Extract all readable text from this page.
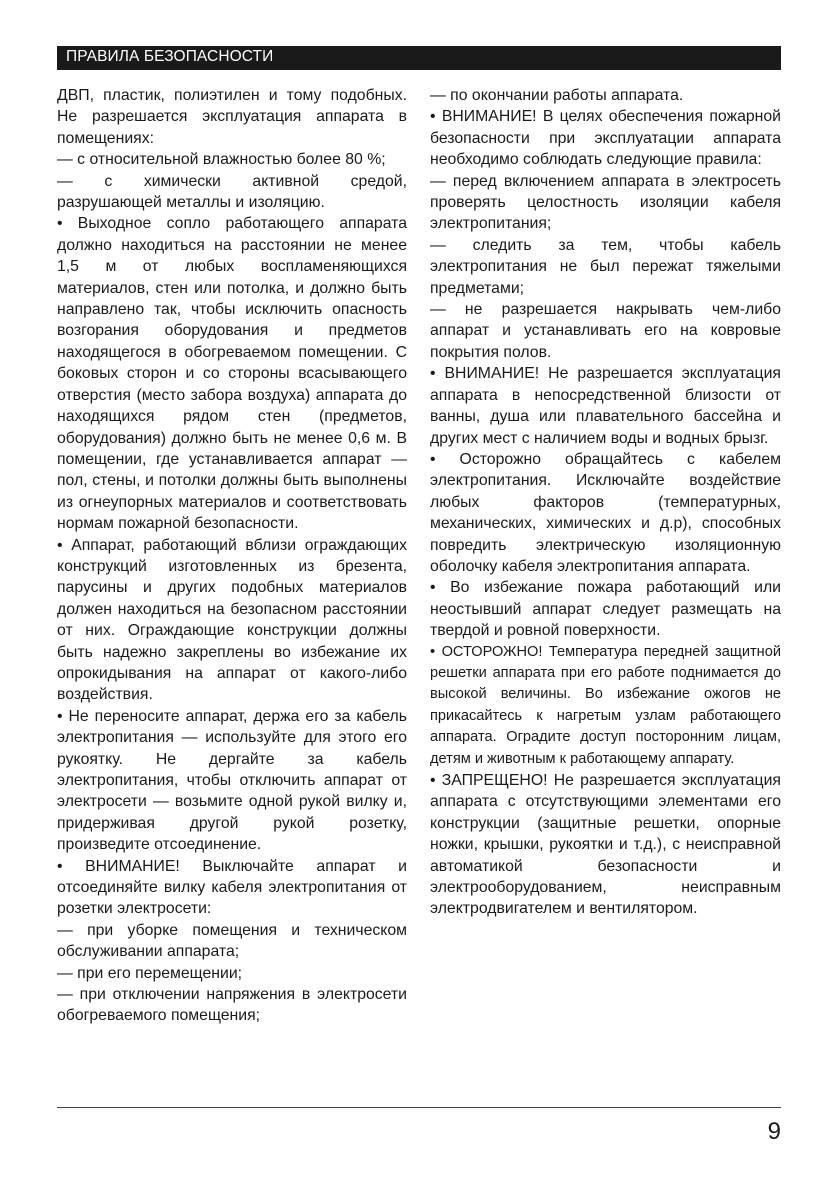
ПРАВИЛА БЕЗОПАСНОСТИ

ДВП, пластик, полиэтилен и тому подобных. Не разрешается эксплуатация аппарата в помещениях:

— с относительной влажностью более 80 %;

— с химически активной средой, разрушающей металлы и изоляцию.

• Выходное сопло работающего аппарата должно находиться на расстоянии не менее 1,5 м от любых воспламеняющихся материалов, стен или потолка, и должно быть направлено так, чтобы исключить опасность возгорания оборудования и предметов находящегося в обогреваемом помещении. С боковых сторон и со стороны всасывающего отверстия (место забора воздуха) аппарата до находящихся рядом стен (предметов, оборудования) должно быть не менее 0,6 м. В помещении, где устанавливается аппарат — пол, стены, и потолки должны быть выполнены из огнеупорных материалов и соответствовать нормам пожарной безопасности.

• Аппарат, работающий вблизи ограждающих конструкций изготовленных из брезента, парусины и других подобных материалов должен находиться на безопасном расстоянии от них. Ограждающие конструкции должны быть надежно закреплены во избежание их опрокидывания на аппарат от какого-либо воздействия.

• Не переносите аппарат, держа его за кабель электропитания — используйте для этого его рукоятку. Не дергайте за кабель электропитания, чтобы отключить аппарат от электросети — возьмите одной рукой вилку и, придерживая другой рукой розетку, произведите отсоединение.

• ВНИМАНИЕ! Выключайте аппарат и отсоединяйте вилку кабеля электропитания от розетки электросети:

— при уборке помещения и техническом обслуживании аппарата;

— при его перемещении;

— при отключении напряжения в электросети обогреваемого помещения;

— по окончании работы аппарата.

• ВНИМАНИЕ! В целях обеспечения пожарной безопасности при эксплуатации аппарата необходимо соблюдать следующие правила:

— перед включением аппарата в электросеть проверять целостность изоляции кабеля электропитания;

— следить за тем, чтобы кабель электропитания не был пережат тяжелыми предметами;

— не разрешается накрывать чем-либо аппарат и устанавливать его на ковровые покрытия полов.

• ВНИМАНИЕ! Не разрешается эксплуатация аппарата в непосредственной близости от ванны, душа или плавательного бассейна и других мест с наличием воды и водных брызг.

• Осторожно обращайтесь с кабелем электропитания. Исключайте воздействие любых факторов (температурных, механических, химических и д.р), способных повредить электрическую изоляционную оболочку кабеля электропитания аппарата.

• Во избежание пожара работающий или неостывший аппарат следует размещать на твердой и ровной поверхности.

• ОСТОРОЖНО! Температура передней защитной решетки аппарата при его работе поднимается до высокой величины. Во избежание ожогов не прикасайтесь к нагретым узлам работающего аппарата. Оградите доступ посторонним лицам, детям и животным к работающему аппарату.

• ЗАПРЕЩЕНО! Не разрешается эксплуатация аппарата с отсутствующими элементами его конструкции (защитные решетки, опорные ножки, крышки, рукоятки и т.д.), с неисправной автоматикой безопасности и электрооборудованием, неисправным электродвигателем и вентилятором.

9
